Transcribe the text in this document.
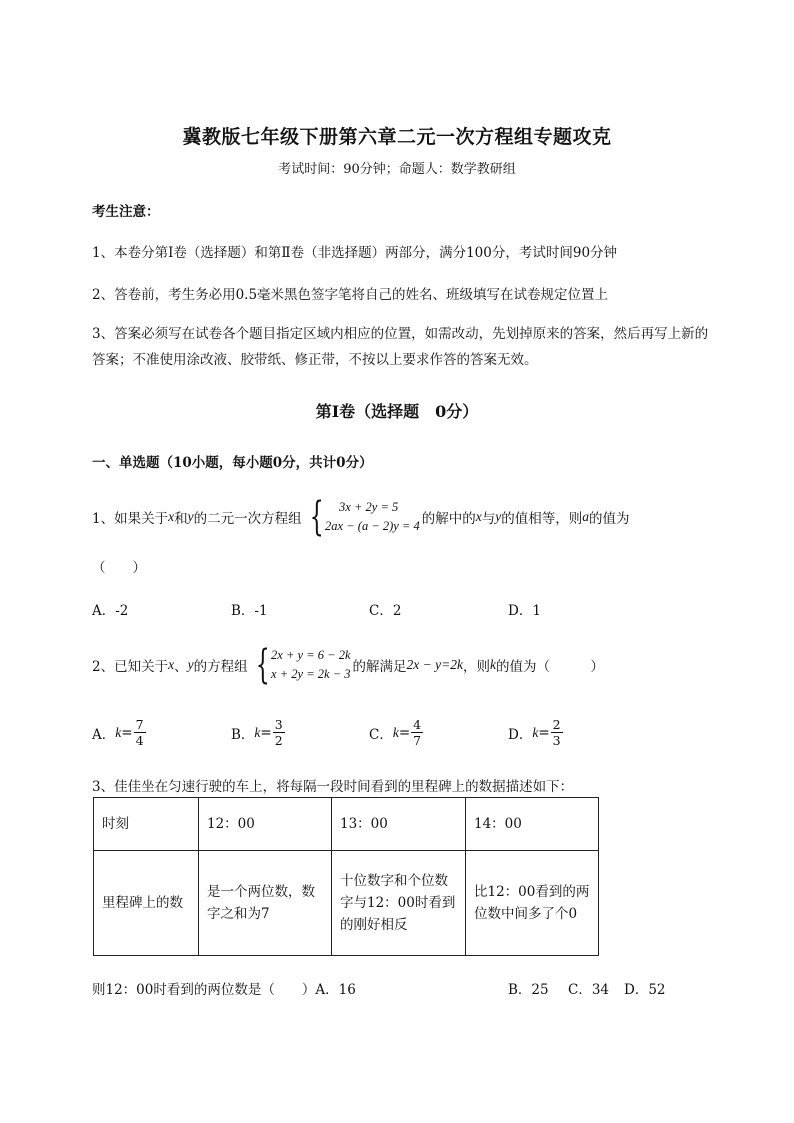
冀教版七年级下册第六章二元一次方程组专题攻克
考试时间：90分钟；命题人：数学教研组
考生注意：
1、本卷分第I卷（选择题）和第Ⅱ卷（非选择题）两部分，满分100分，考试时间90分钟
2、答卷前，考生务必用0.5毫米黑色签字笔将自己的姓名、班级填写在试卷规定位置上
3、答案必须写在试卷各个题目指定区域内相应的位置，如需改动，先划掉原来的答案，然后再写上新的答案；不准使用涂改液、胶带纸、修正带，不按以上要求作答的答案无效。
第I卷（选择题　0分）
一、单选题（10小题，每小题0分，共计0分）
1、如果关于 x 和 y 的二元一次方程组 {	3x + 2y = 5
2ax − (a − 2)y = 4 的解中的 x 与 y 的值相等，则 a 的值为
（　　）
A．-2	B．-1	C．2	D．1
2、已知关于 x 、 y 的方程组 { 2x + y = 6 − 2k
x + 2y = 2k − 3 的解满足 2x − y=2k ，则 k 的值为（　　　）
A． $k = \frac{7}{4}$	B． $k = \frac{3}{2}$	C． $k = \frac{4}{7}$	D． $k = \frac{2}{3}$
3、佳佳坐在匀速行驶的车上，将每隔一段时间看到的里程碑上的数据描述如下：
时刻	12：00	13：00	14：00
里程碑上的数	是一个两位数，数字之和为7	十位数字和个位数字与12：00时看到的刚好相反	比12：00看到的两位数中间多了个0
则12：00时看到的两位数是（　　）A．16	B．25 C．34 D．52
